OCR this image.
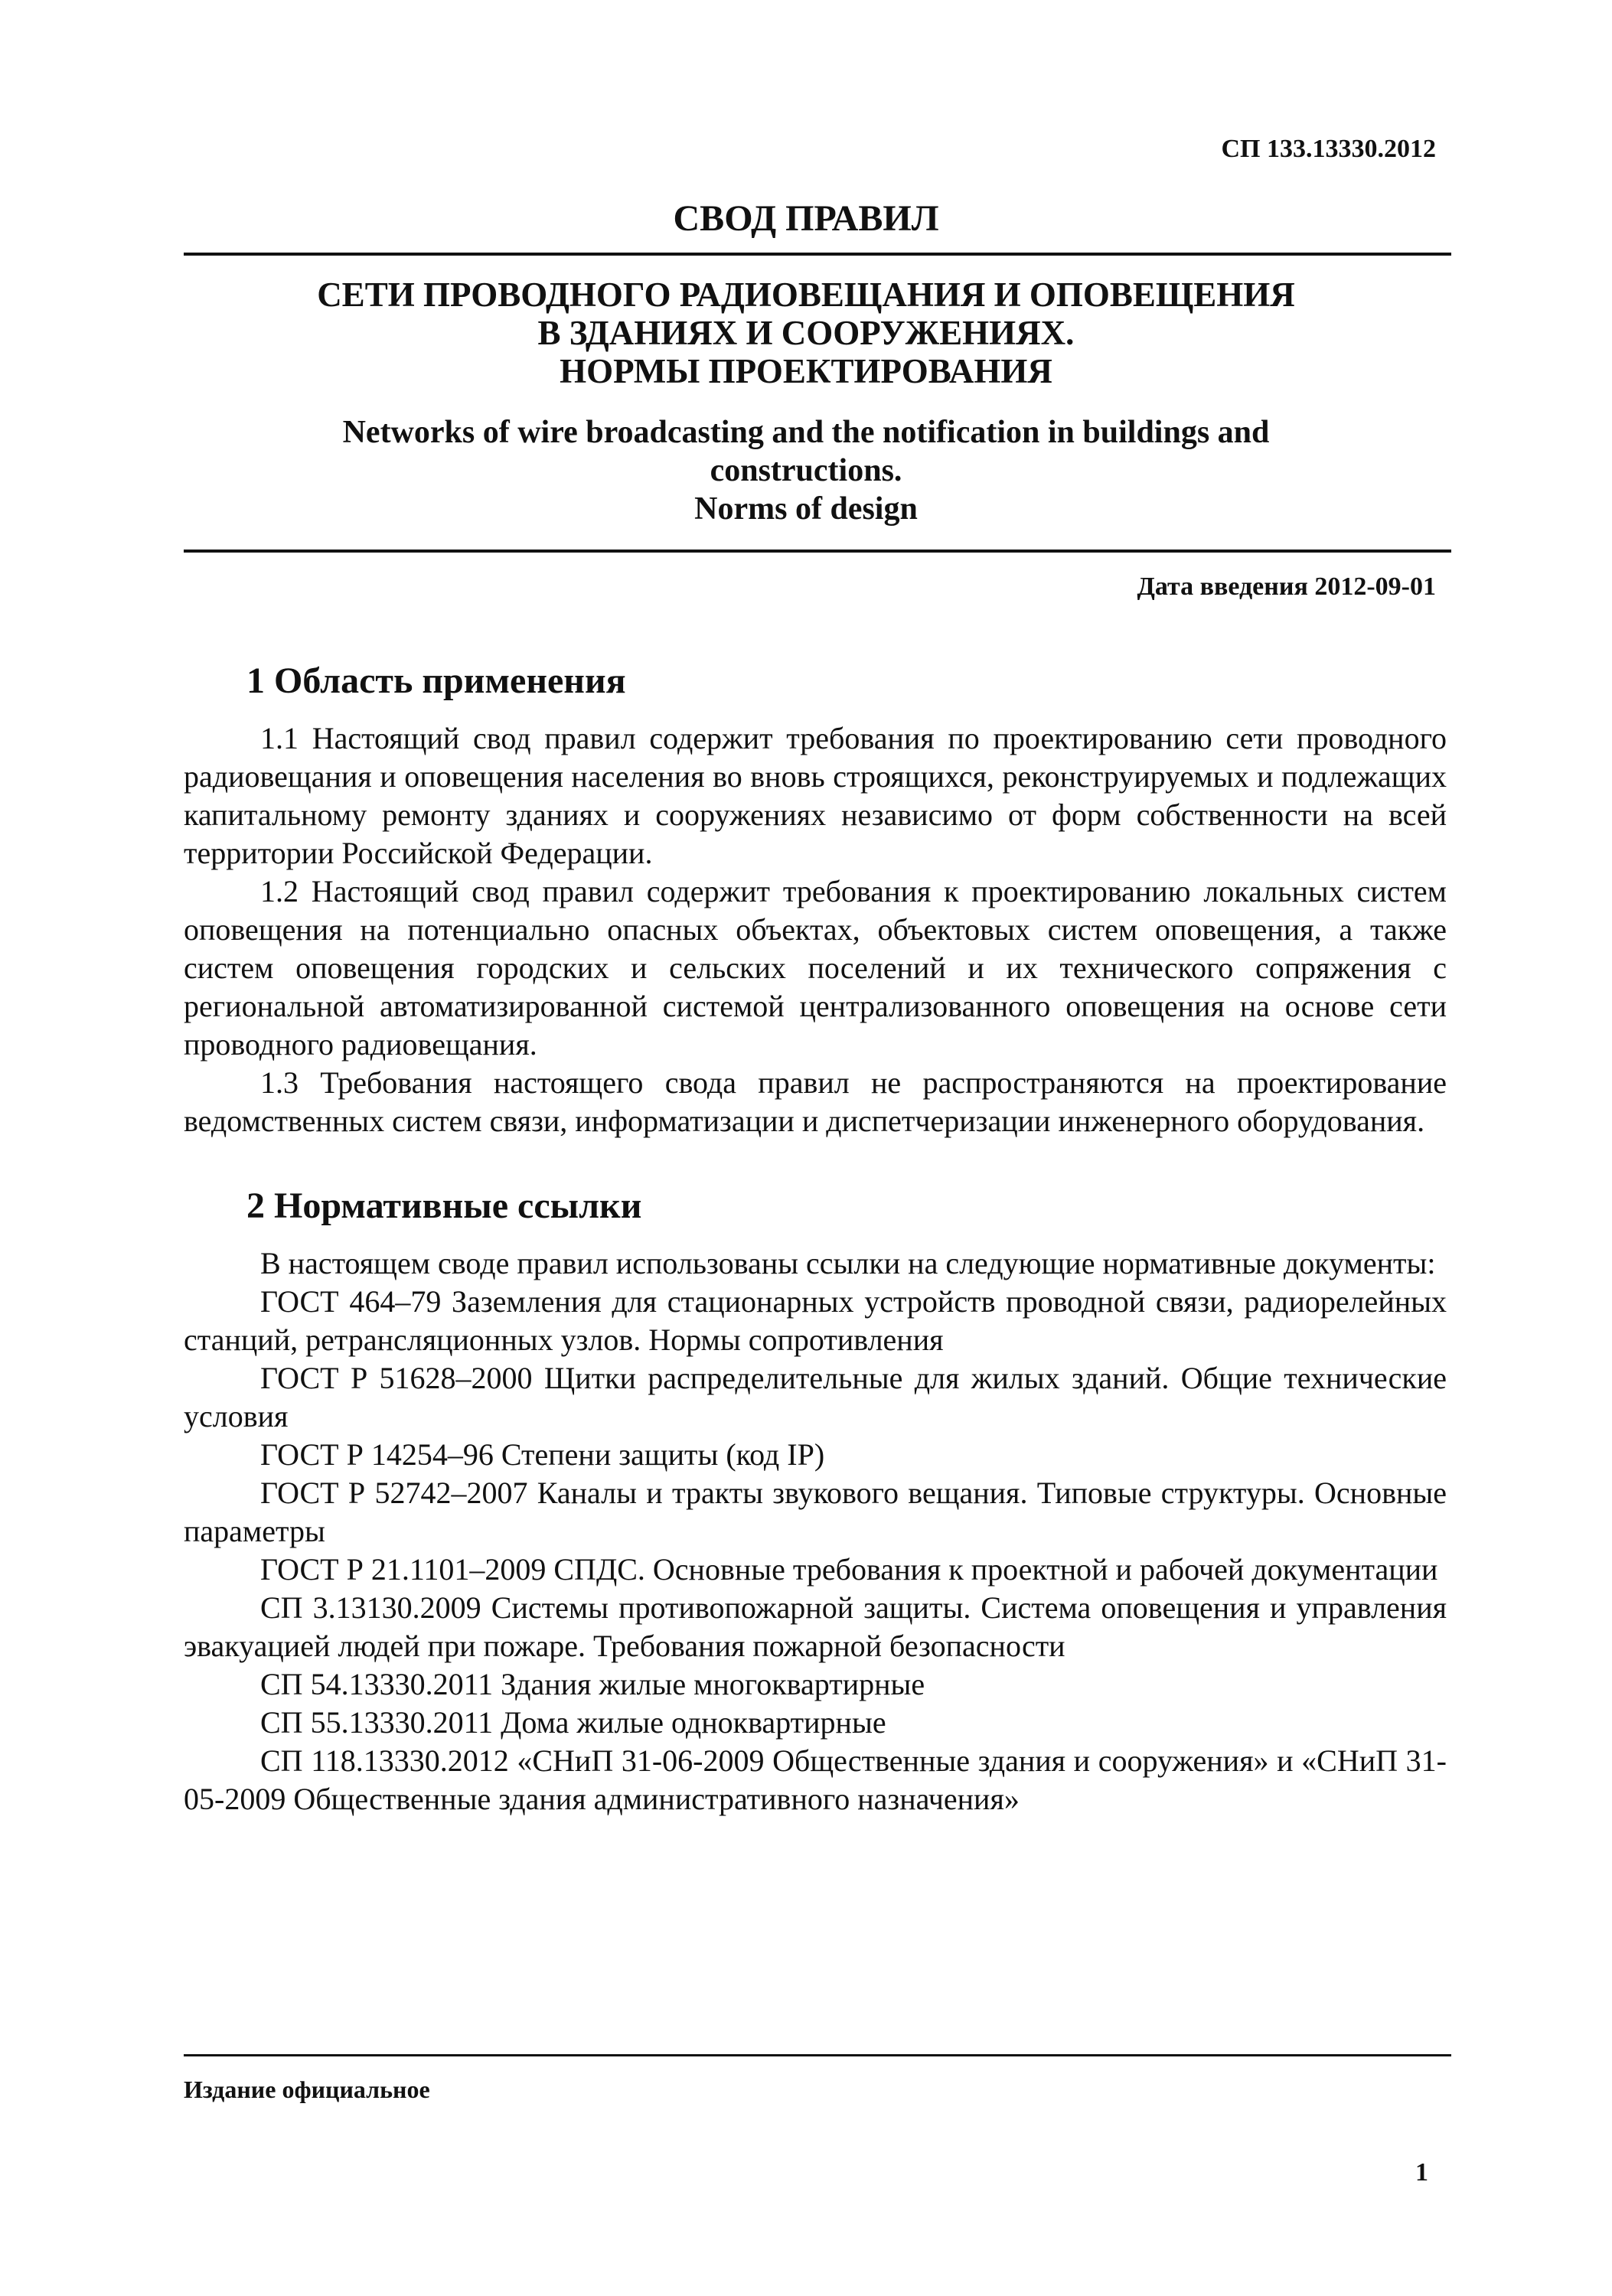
СП 133.13330.2012
СВОД ПРАВИЛ
СЕТИ ПРОВОДНОГО РАДИОВЕЩАНИЯ И ОПОВЕЩЕНИЯ
В ЗДАНИЯХ И СООРУЖЕНИЯХ.
НОРМЫ ПРОЕКТИРОВАНИЯ
Networks of wire broadcasting and the notification in buildings and
constructions.
Norms of design
Дата введения 2012-09-01
1 Область применения

1.1 Настоящий свод правил содержит требования по проектированию сети проводного радиовещания и оповещения населения во вновь строящихся, реконструируемых и подлежащих капитальному ремонту зданиях и сооружениях независимо от форм собственности на всей территории Российской Федерации.

1.2 Настоящий свод правил содержит требования к проектированию локальных систем оповещения на потенциально опасных объектах, объектовых систем оповещения, а также систем оповещения городских и сельских поселений и их технического сопряжения с региональной автоматизированной системой централизованного оповещения на основе сети проводного радиовещания.

1.3 Требования настоящего свода правил не распространяются на проектирование ведомственных систем связи, информатизации и диспетчеризации инженерного оборудования.

2 Нормативные ссылки

В настоящем своде правил использованы ссылки на следующие нормативные документы:

ГОСТ 464–79 Заземления для стационарных устройств проводной связи, радиорелейных станций, ретрансляционных узлов. Нормы сопротивления

ГОСТ Р 51628–2000 Щитки распределительные для жилых зданий. Общие технические условия

ГОСТ Р 14254–96 Степени защиты (код IP)

ГОСТ Р 52742–2007 Каналы и тракты звукового вещания. Типовые структуры. Основные параметры

ГОСТ Р 21.1101–2009 СПДС. Основные требования к проектной и рабочей документации

СП 3.13130.2009 Системы противопожарной защиты. Система оповещения и управления эвакуацией людей при пожаре. Требования пожарной безопасности

СП 54.13330.2011 Здания жилые многоквартирные

СП 55.13330.2011 Дома жилые одноквартирные

СП 118.13330.2012 «СНиП 31-06-2009 Общественные здания и сооружения» и «СНиП 31-05-2009 Общественные здания административного назначения»

Издание официальное
1
